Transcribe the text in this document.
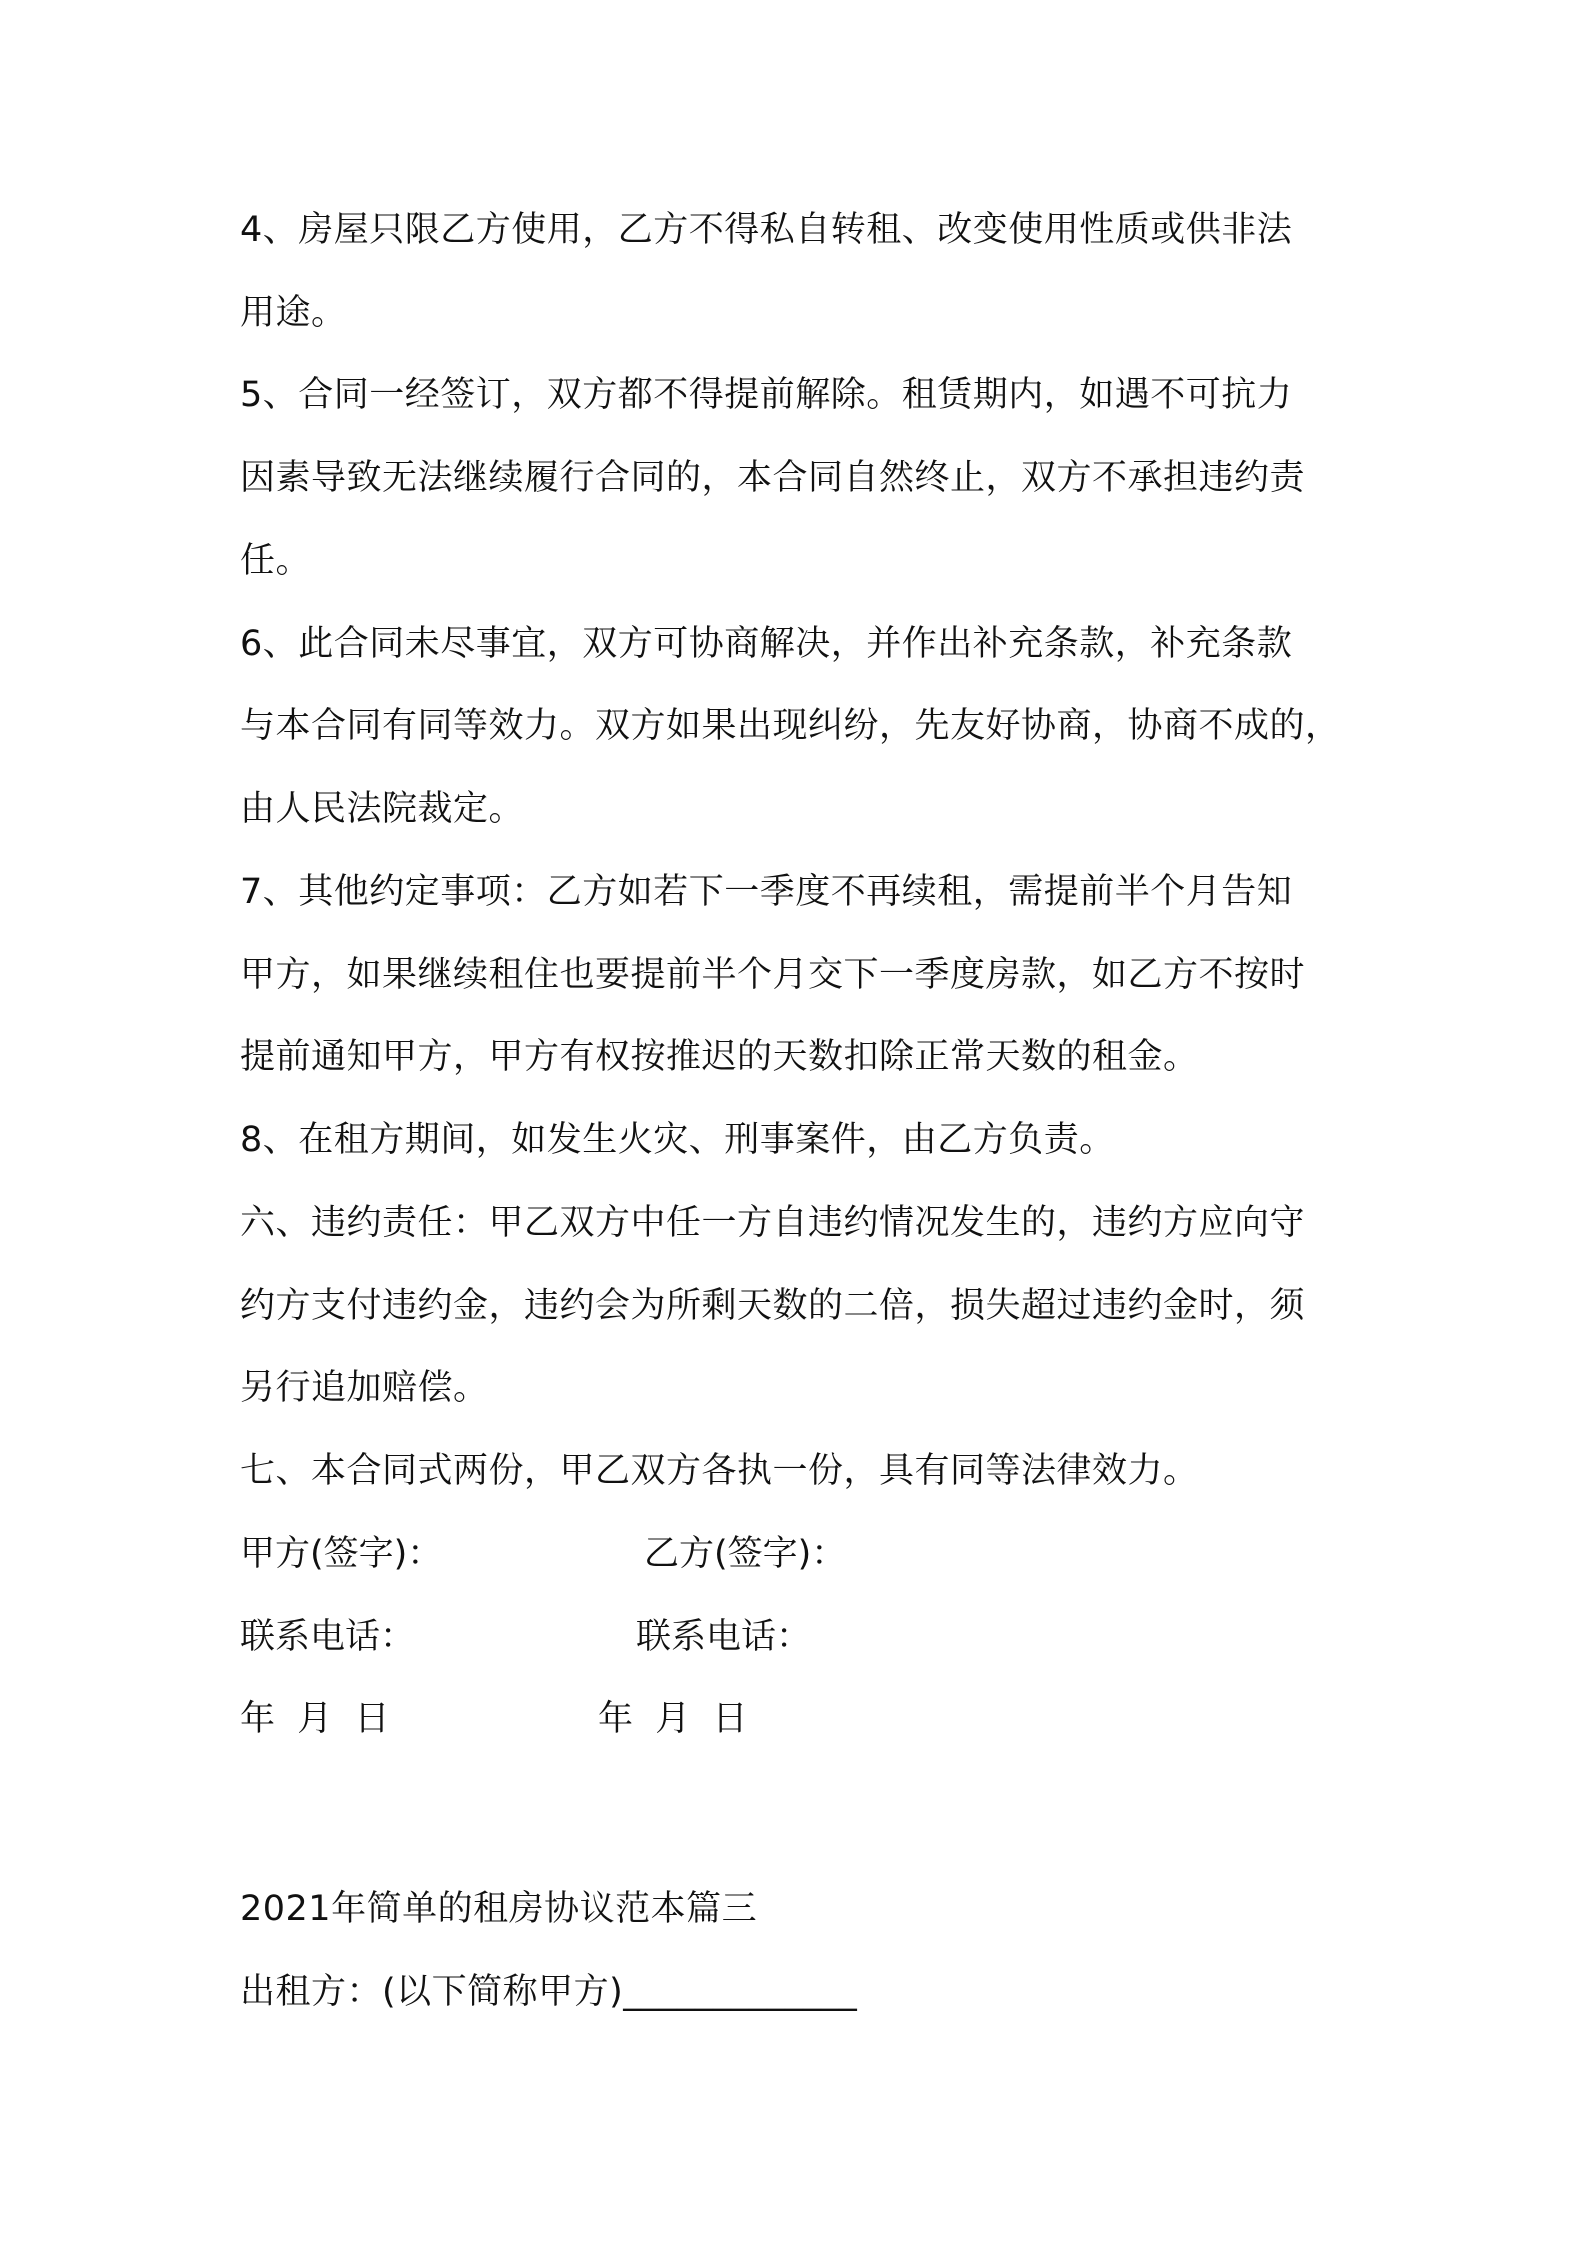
4、房屋只限乙方使用，乙方不得私自转租、改变使用性质或供非法
用途。
5、合同一经签订，双方都不得提前解除。租赁期内，如遇不可抗力
因素导致无法继续履行合同的，本合同自然终止，双方不承担违约责
任。
6、此合同未尽事宜，双方可协商解决，并作出补充条款，补充条款
与本合同有同等效力。双方如果出现纠纷，先友好协商，协商不成的，
由人民法院裁定。
7、其他约定事项：乙方如若下一季度不再续租，需提前半个月告知
甲方，如果继续租住也要提前半个月交下一季度房款，如乙方不按时
提前通知甲方，甲方有权按推迟的天数扣除正常天数的租金。
8、在租方期间，如发生火灾、刑事案件，由乙方负责。
六、违约责任：甲乙双方中任一方自违约情况发生的，违约方应向守
约方支付违约金，违约会为所剩天数的二倍，损失超过违约金时，须
另行追加赔偿。
七、本合同式两份，甲乙双方各执一份，具有同等法律效力。
甲方(签字)：	乙方(签字)：
联系电话：	联系电话：
年  月  日	年  月  日
2021年简单的租房协议范本篇三
出租方：(以下简称甲方)_____________
